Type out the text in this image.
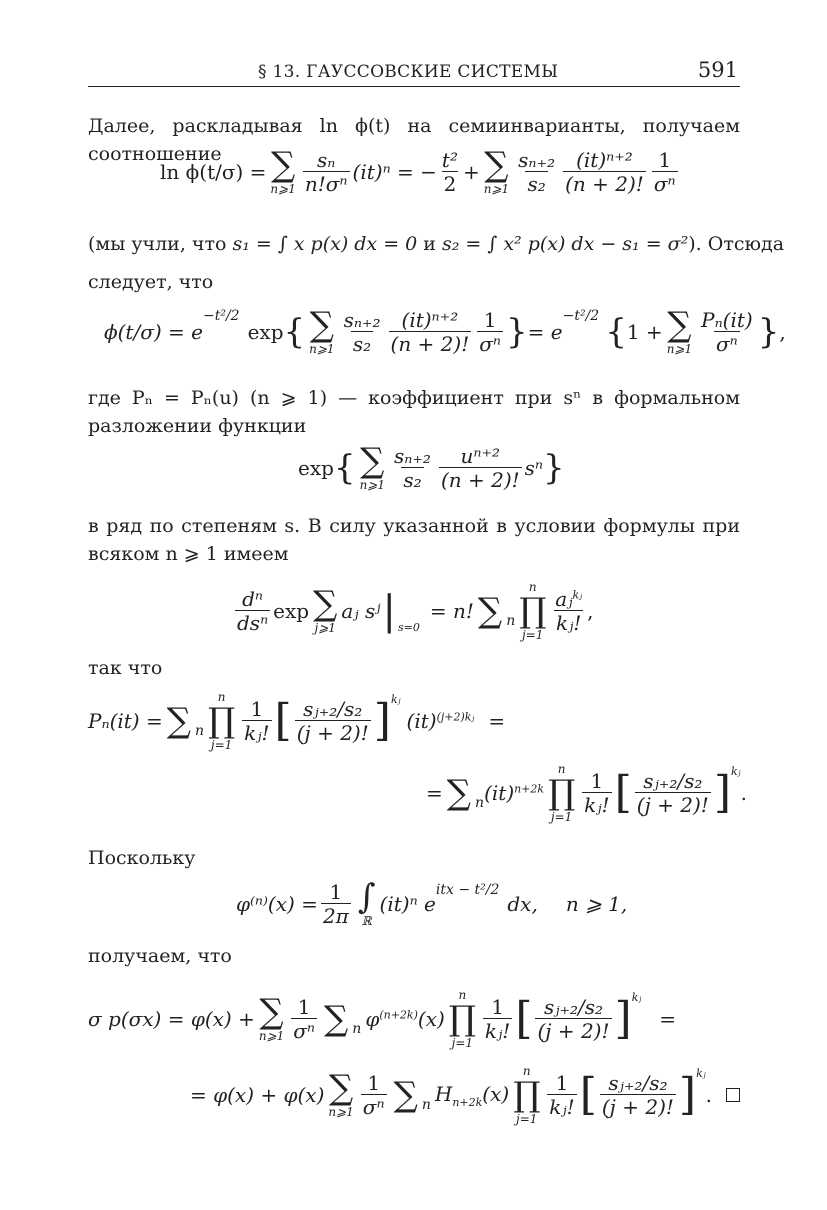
§ 13. ГАУССОВСКИЕ СИСТЕМЫ	591

Далее, раскладывая ln ϕ(t) на семиинварианты, получаем соотношение

ln ϕ(t/σ) = ∑
n⩾1 $\frac{\text{sₙ}}{\text{n!σⁿ}} (it)^n$ = − $\frac{\text{t²}}{2}$ + ∑
n⩾1 $\frac{\text{sₙ₊₂}}{\text{s₂}} \frac{\text{(it)ⁿ⁺²}}{(n + 2)!} \frac{1}{\text{σⁿ}}$
(мы учли, что s₁ = ∫ x p(x) dx = 0 и s₂ = ∫ x² p(x) dx − s₁ = σ²). Отсюда
следует, что
ϕ(t/σ) = e
−t²/2
exp { ∑
n⩾1 $\frac{\text{sₙ₊₂}}{\text{s₂}} \frac{\text{(it)ⁿ⁺²}}{(n + 2)!} \frac{1}{\text{σⁿ}}$ } = e
−t²/2 { 1 + ∑
n⩾1 $\frac{\text{Pₙ(it)}}{\text{σⁿ}}$ } ,

где Pₙ = Pₙ(u) (n ⩾ 1) — коэффициент при sⁿ в формальном разложении функции

exp { ∑
n⩾1 $\frac{\text{sₙ₊₂}}{\text{s₂}} \frac{\text{uⁿ⁺²}}{(n + 2)!}$ sⁿ }

в ряд по степеням s. В силу указанной в условии формулы при всяком n ⩾ 1 имеем

$\frac{\text{dⁿ}}{\text{dsⁿ}}$ exp ∑
j⩾1
aⱼ sʲ | s=0
= n! ∑ n
n
∏
j=1
$\frac{aⱼ^{kⱼ}}{\text{kⱼ!}}$ ,

так что

Pₙ(it) = ∑ n
n
∏
j=1
$\frac{1}{\text{kⱼ!}}$ [ $\frac{\text{sⱼ₊₂/s₂}}{(j + 2)!}$ ] kⱼ
(it)$^{(j+2)kⱼ}$ =
= ∑ n (it)$^{n+2k}$
n
∏
j=1
$\frac{1}{\text{kⱼ!}}$ [ $\frac{\text{sⱼ₊₂/s₂}}{(j + 2)!}$ ] kⱼ
.

Поскольку

$\varphi^{(n)}(x) = \frac{1}{2\pi}$ ∫
ℝ
(it)ⁿ e
itx − t²/2
dx, n ⩾ 1,

получаем, что

σ p(σx) = φ(x) + ∑
n⩾1 $\frac{1}{\text{σⁿ}}$ ∑ n $\varphi^{(n+2k)}(x)$
n
∏
j=1
$\frac{1}{\text{kⱼ!}}$ [ $\frac{\text{sⱼ₊₂/s₂}}{(j + 2)!}$ ] kⱼ
=
= φ(x) + φ(x) ∑
n⩾1 $\frac{1}{\text{σⁿ}}$ ∑ n $H_{n+2k}(x)$
n
∏
j=1
$\frac{1}{\text{kⱼ!}}$ [ $\frac{\text{sⱼ₊₂/s₂}}{(j + 2)!}$ ] kⱼ
.
